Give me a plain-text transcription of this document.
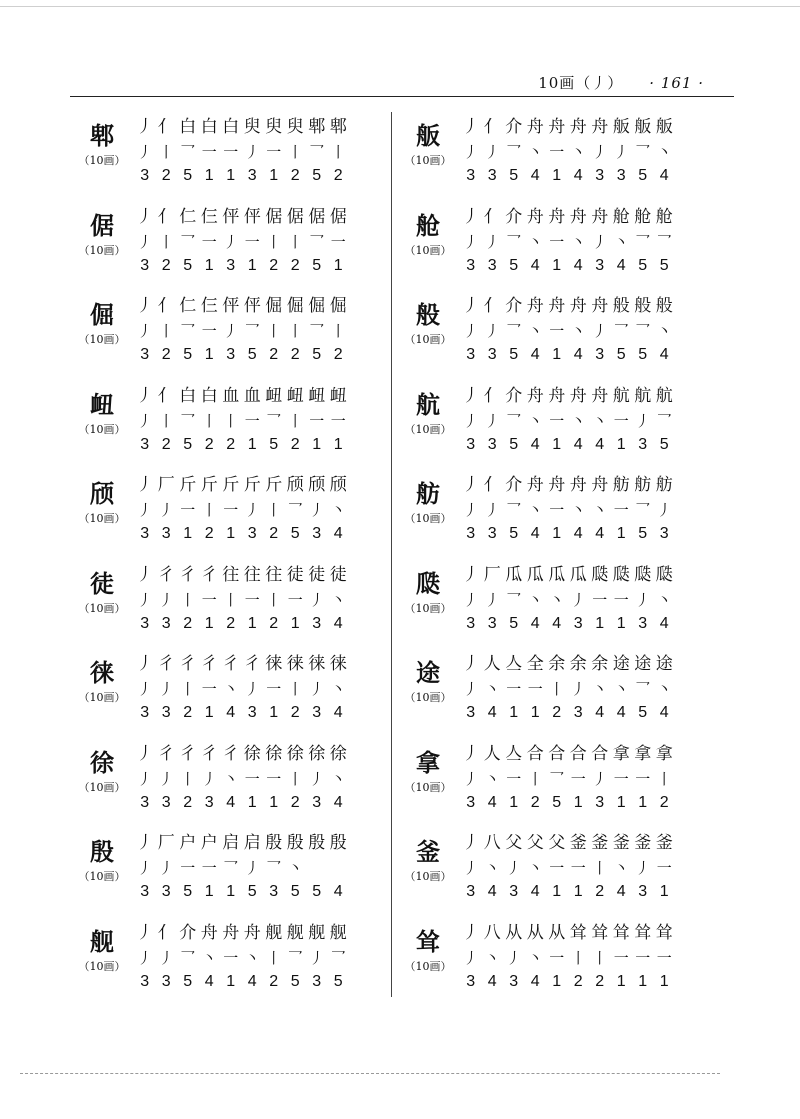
10画（丿） · 161 ·
郫
（10画）
丿 亻 白 白 白 臾 臾 臾 郫 郫
丿 丨 乛 一 一 丿 一 丨 乛 丨
3 2 5 1 1 3 1 2 5 2
倨
（10画）
丿 亻 仁 仨 伻 伻 倨 倨 倨 倨
丿 丨 乛 一 丿 一 丨 丨 乛 一
3 2 5 1 3 1 2 2 5 1
倔
（10画）
丿 亻 仁 仨 伻 伻 倔 倔 倔 倔
丿 丨 乛 一 丿 乛 丨 丨 乛 丨
3 2 5 1 3 5 2 2 5 2
衄
（10画）
丿 亻 白 白 血 血 衄 衄 衄 衄
丿 丨 乛 丨 丨 一 乛 丨 一 一
3 2 5 2 2 1 5 2 1 1
颀
（10画）
丿 厂 斤 斤 斤 斤 斤 颀 颀 颀
丿 丿 一 丨 一 丿 丨 乛 丿 丶
3 3 1 2 1 3 2 5 3 4
徒
（10画）
丿 彳 彳 彳 往 往 往 徒 徒 徒
丿 丿 丨 一 丨 一 丨 一 丿 丶
3 3 2 1 2 1 2 1 3 4
徕
（10画）
丿 彳 彳 彳 彳 彳 徕 徕 徕 徕
丿 丿 丨 一 丶 丿 一 丨 丿 丶
3 3 2 1 4 3 1 2 3 4
徐
（10画）
丿 彳 彳 彳 彳 徐 徐 徐 徐 徐
丿 丿 丨 丿 丶 一 一 丨 丿 丶
3 3 2 3 4 1 1 2 3 4
殷
（10画）
丿 厂 户 户 启 启 殷 殷 殷 殷
丿 丿 一 一 乛 丿 乛 丶
3 3 5 1 1 5 3 5 5 4
舰
（10画）
丿 亻 介 舟 舟 舟 舰 舰 舰 舰
丿 丿 乛 丶 一 丶 丨 乛 丿 乛
3 3 5 4 1 4 2 5 3 5
舨
（10画）
丿 亻 介 舟 舟 舟 舟 舨 舨 舨
丿 丿 乛 丶 一 丶 丿 丿 乛 丶
3 3 5 4 1 4 3 3 5 4
舱
（10画）
丿 亻 介 舟 舟 舟 舟 舱 舱 舱
丿 丿 乛 丶 一 丶 丿 丶 乛 乛
3 3 5 4 1 4 3 4 5 5
般
（10画）
丿 亻 介 舟 舟 舟 舟 般 般 般
丿 丿 乛 丶 一 丶 丿 乛 乛 丶
3 3 5 4 1 4 3 5 5 4
航
（10画）
丿 亻 介 舟 舟 舟 舟 航 航 航
丿 丿 乛 丶 一 丶 丶 一 丿 乛
3 3 5 4 1 4 4 1 3 5
舫
（10画）
丿 亻 介 舟 舟 舟 舟 舫 舫 舫
丿 丿 乛 丶 一 丶 丶 一 乛 丿
3 3 5 4 1 4 4 1 5 3
瓞
（10画）
丿 厂 瓜 瓜 瓜 瓜 瓞 瓞 瓞 瓞
丿 丿 乛 丶 丶 丿 一 一 丿 丶
3 3 5 4 4 3 1 1 3 4
途
（10画）
丿 人 亼 全 余 余 余 途 途 途
丿 丶 一 一 丨 丿 丶 丶 乛 丶
3 4 1 1 2 3 4 4 5 4
拿
（10画）
丿 人 亼 合 合 合 合 拿 拿 拿
丿 丶 一 丨 乛 一 丿 一 一 丨
3 4 1 2 5 1 3 1 1 2
釜
（10画）
丿 八 父 父 父 釜 釜 釜 釜 釜
丿 丶 丿 丶 一 一 丨 丶 丿 一
3 4 3 4 1 1 2 4 3 1
耸
（10画）
丿 八 从 从 从 耸 耸 耸 耸 耸
丿 丶 丿 丶 一 丨 丨 一 一 一
3 4 3 4 1 2 2 1 1 1
